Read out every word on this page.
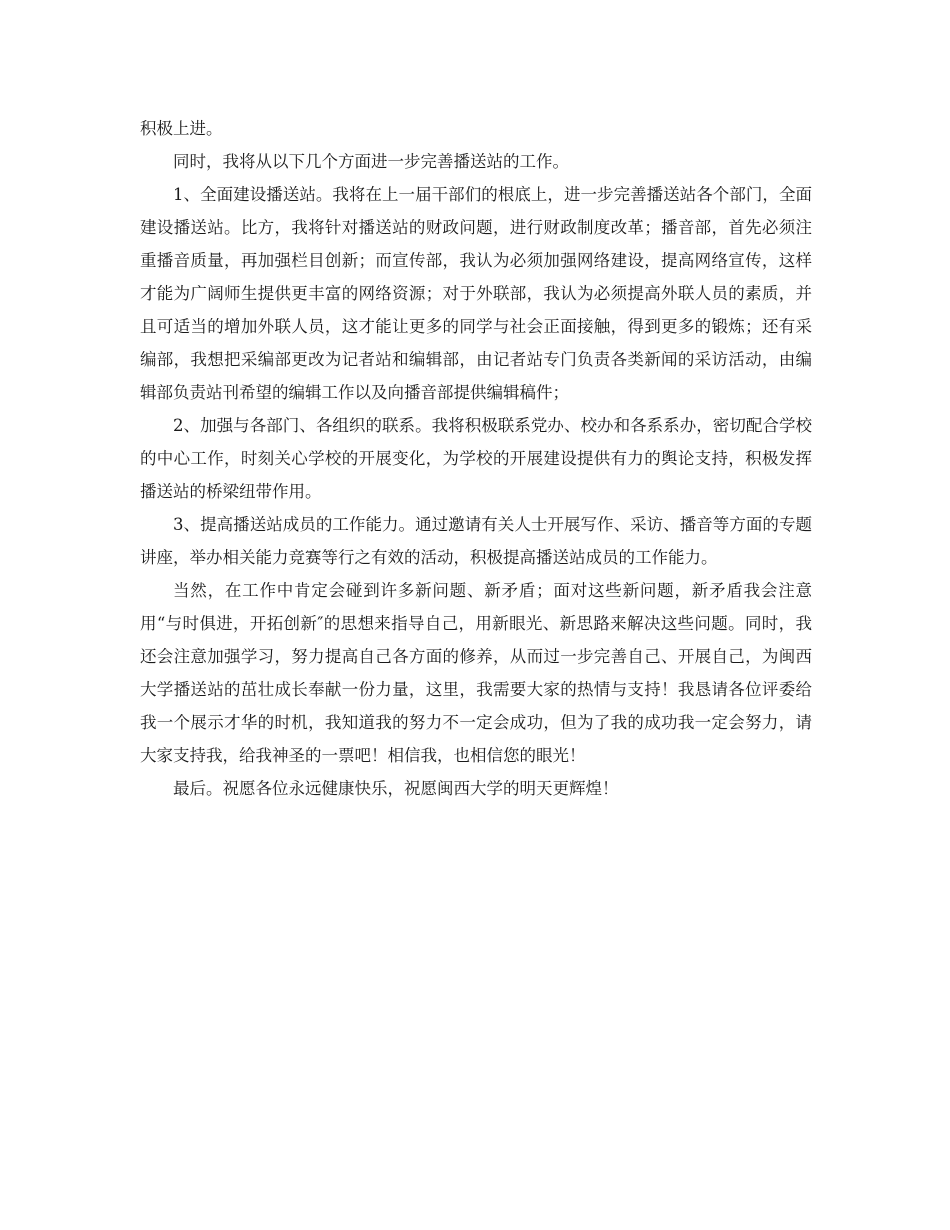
积极上进。

同时，我将从以下几个方面进一步完善播送站的工作。

1、全面建设播送站。我将在上一届干部们的根底上，进一步完善播送站各个部门，全面建设播送站。比方，我将针对播送站的财政问题，进行财政制度改革；播音部，首先必须注重播音质量，再加强栏目创新；而宣传部，我认为必须加强网络建设，提高网络宣传，这样才能为广阔师生提供更丰富的网络资源；对于外联部，我认为必须提高外联人员的素质，并且可适当的增加外联人员，这才能让更多的同学与社会正面接触，得到更多的锻炼；还有采编部，我想把采编部更改为记者站和编辑部，由记者站专门负责各类新闻的采访活动，由编辑部负责站刊希望的编辑工作以及向播音部提供编辑稿件；

2、加强与各部门、各组织的联系。我将积极联系党办、校办和各系系办，密切配合学校的中心工作，时刻关心学校的开展变化，为学校的开展建设提供有力的舆论支持，积极发挥播送站的桥梁纽带作用。

3、提高播送站成员的工作能力。通过邀请有关人士开展写作、采访、播音等方面的专题讲座，举办相关能力竞赛等行之有效的活动，积极提高播送站成员的工作能力。

当然，在工作中肯定会碰到许多新问题、新矛盾；面对这些新问题，新矛盾我会注意用“与时俱进，开拓创新″的思想来指导自己，用新眼光、新思路来解决这些问题。同时，我还会注意加强学习，努力提高自己各方面的修养，从而过一步完善自己、开展自己，为闽西大学播送站的茁壮成长奉献一份力量，这里，我需要大家的热情与支持！我恳请各位评委给我一个展示才华的时机，我知道我的努力不一定会成功，但为了我的成功我一定会努力，请大家支持我，给我神圣的一票吧！相信我，也相信您的眼光！

最后。祝愿各位永远健康快乐，祝愿闽西大学的明天更辉煌！
